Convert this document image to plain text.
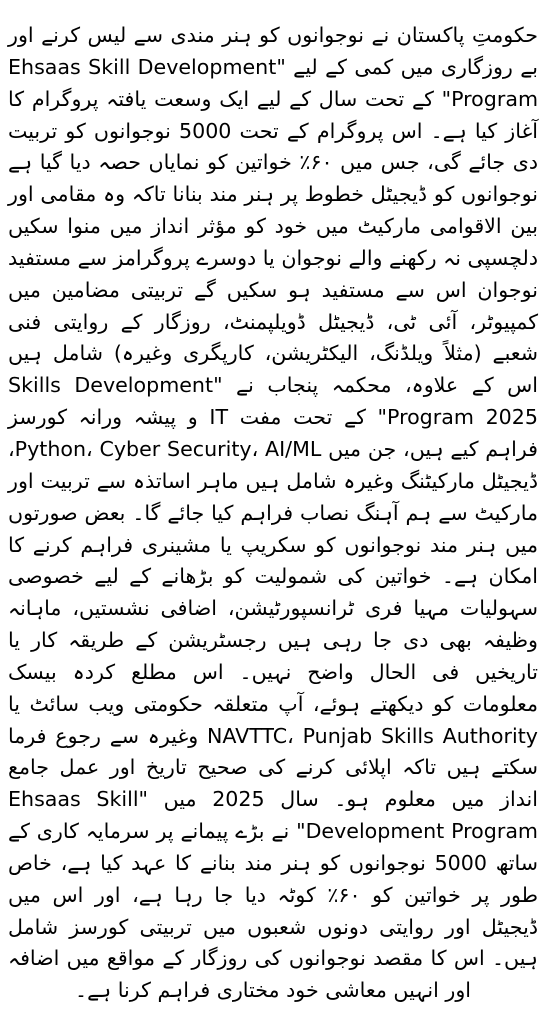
حکومتِ پاکستان نے نوجوانوں کو ہنر مندی سے لیس کرنے اور بے روزگاری میں کمی کے لیے "Ehsaas Skill Development Program" کے تحت سال کے لیے ایک وسعت یافتہ پروگرام کا آغاز کیا ہے۔ اس پروگرام کے تحت 5000 نوجوانوں کو تربیت دی جائے گی، جس میں ۶۰٪ خواتین کو نمایاں حصہ دیا گیا ہے نوجوانوں کو ڈیجیٹل خطوط پر ہنر مند بنانا تاکہ وہ مقامی اور بین الاقوامی مارکیٹ میں خود کو مؤثر انداز میں منوا سکیں دلچسپی نہ رکھنے والے نوجوان یا دوسرے پروگرامز سے مستفید نوجوان اس سے مستفید ہو سکیں گے تربیتی مضامین میں کمپیوٹر، آئی ٹی، ڈیجیٹل ڈویلپمنٹ، روزگار کے روایتی فنی شعبے (مثلاً ویلڈنگ، الیکٹریشن، کارپگری وغیرہ) شامل ہیں اس کے علاوہ، محکمہ پنجاب نے "Skills Development Program 2025" کے تحت مفت IT و پیشہ ورانہ کورسز فراہم کیے ہیں، جن میں Python، Cyber Security، AI/ML، ڈیجیٹل مارکیٹنگ وغیرہ شامل ہیں ماہر اساتذہ سے تربیت اور مارکیٹ سے ہم آہنگ نصاب فراہم کیا جائے گا۔ بعض صورتوں میں ہنر مند نوجوانوں کو سکریپ یا مشینری فراہم کرنے کا امکان ہے۔ خواتین کی شمولیت کو بڑھانے کے لیے خصوصی سہولیات مہیا فری ٹرانسپورٹیشن، اضافی نشستیں، ماہانہ وظیفہ بھی دی جا رہی ہیں رجسٹریشن کے طریقہ کار یا تاریخیں فی الحال واضح نہیں۔ اس مطلع کردہ بیسک معلومات کو دیکھتے ہوئے، آپ متعلقہ حکومتی ویب سائٹ یا NAVTTC، Punjab Skills Authority وغیرہ سے رجوع فرما سکتے ہیں تاکہ اپلائی کرنے کی صحیح تاریخ اور عمل جامع انداز میں معلوم ہو۔ سال 2025 میں "Ehsaas Skill Development Program" نے بڑے پیمانے پر سرمایہ کاری کے ساتھ 5000 نوجوانوں کو ہنر مند بنانے کا عہد کیا ہے، خاص طور پر خواتین کو ۶۰٪ کوٹہ دیا جا رہا ہے، اور اس میں ڈیجیٹل اور روایتی دونوں شعبوں میں تربیتی کورسز شامل ہیں۔ اس کا مقصد نوجوانوں کی روزگار کے مواقع میں اضافہ اور انہیں معاشی خود مختاری فراہم کرنا ہے۔
